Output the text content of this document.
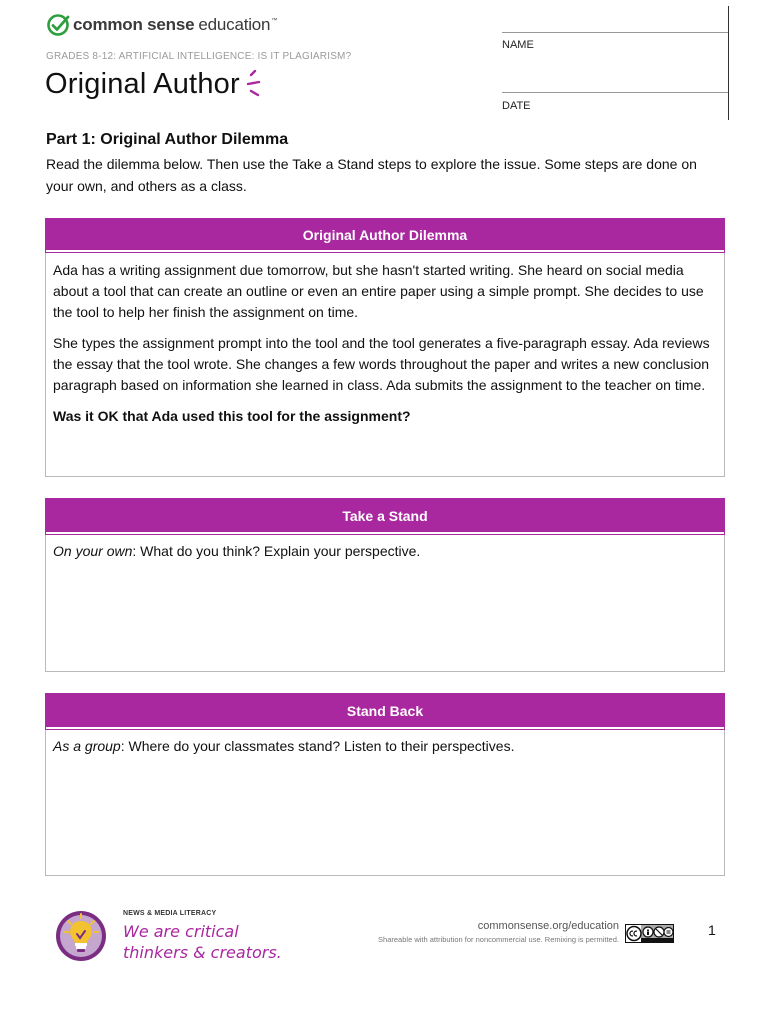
common sense education ™
GRADES 8-12: ARTIFICIAL INTELLIGENCE: IS IT PLAGIARISM?
Original Author
NAME
DATE
Part 1: Original Author Dilemma

Read the dilemma below. Then use the Take a Stand steps to explore the issue. Some steps are done on your own, and others as a class.

Original Author Dilemma

Ada has a writing assignment due tomorrow, but she hasn't started writing. She heard on social media about a tool that can create an outline or even an entire paper using a simple prompt. She decides to use the tool to help her finish the assignment on time.

She types the assignment prompt into the tool and the tool generates a five-paragraph essay. Ada reviews the essay that the tool wrote. She changes a few words throughout the paper and writes a new conclusion paragraph based on information she learned in class. Ada submits the assignment to the teacher on time.

Was it OK that Ada used this tool for the assignment?

Take a Stand
On your own: What do you think? Explain your perspective.
Stand Back
As a group: Where do your classmates stand? Listen to their perspectives.
NEWS & MEDIA LITERACY
We are critical
thinkers & creators.
commonsense.org/education
Shareable with attribution for noncommercial use. Remixing is permitted.
1
